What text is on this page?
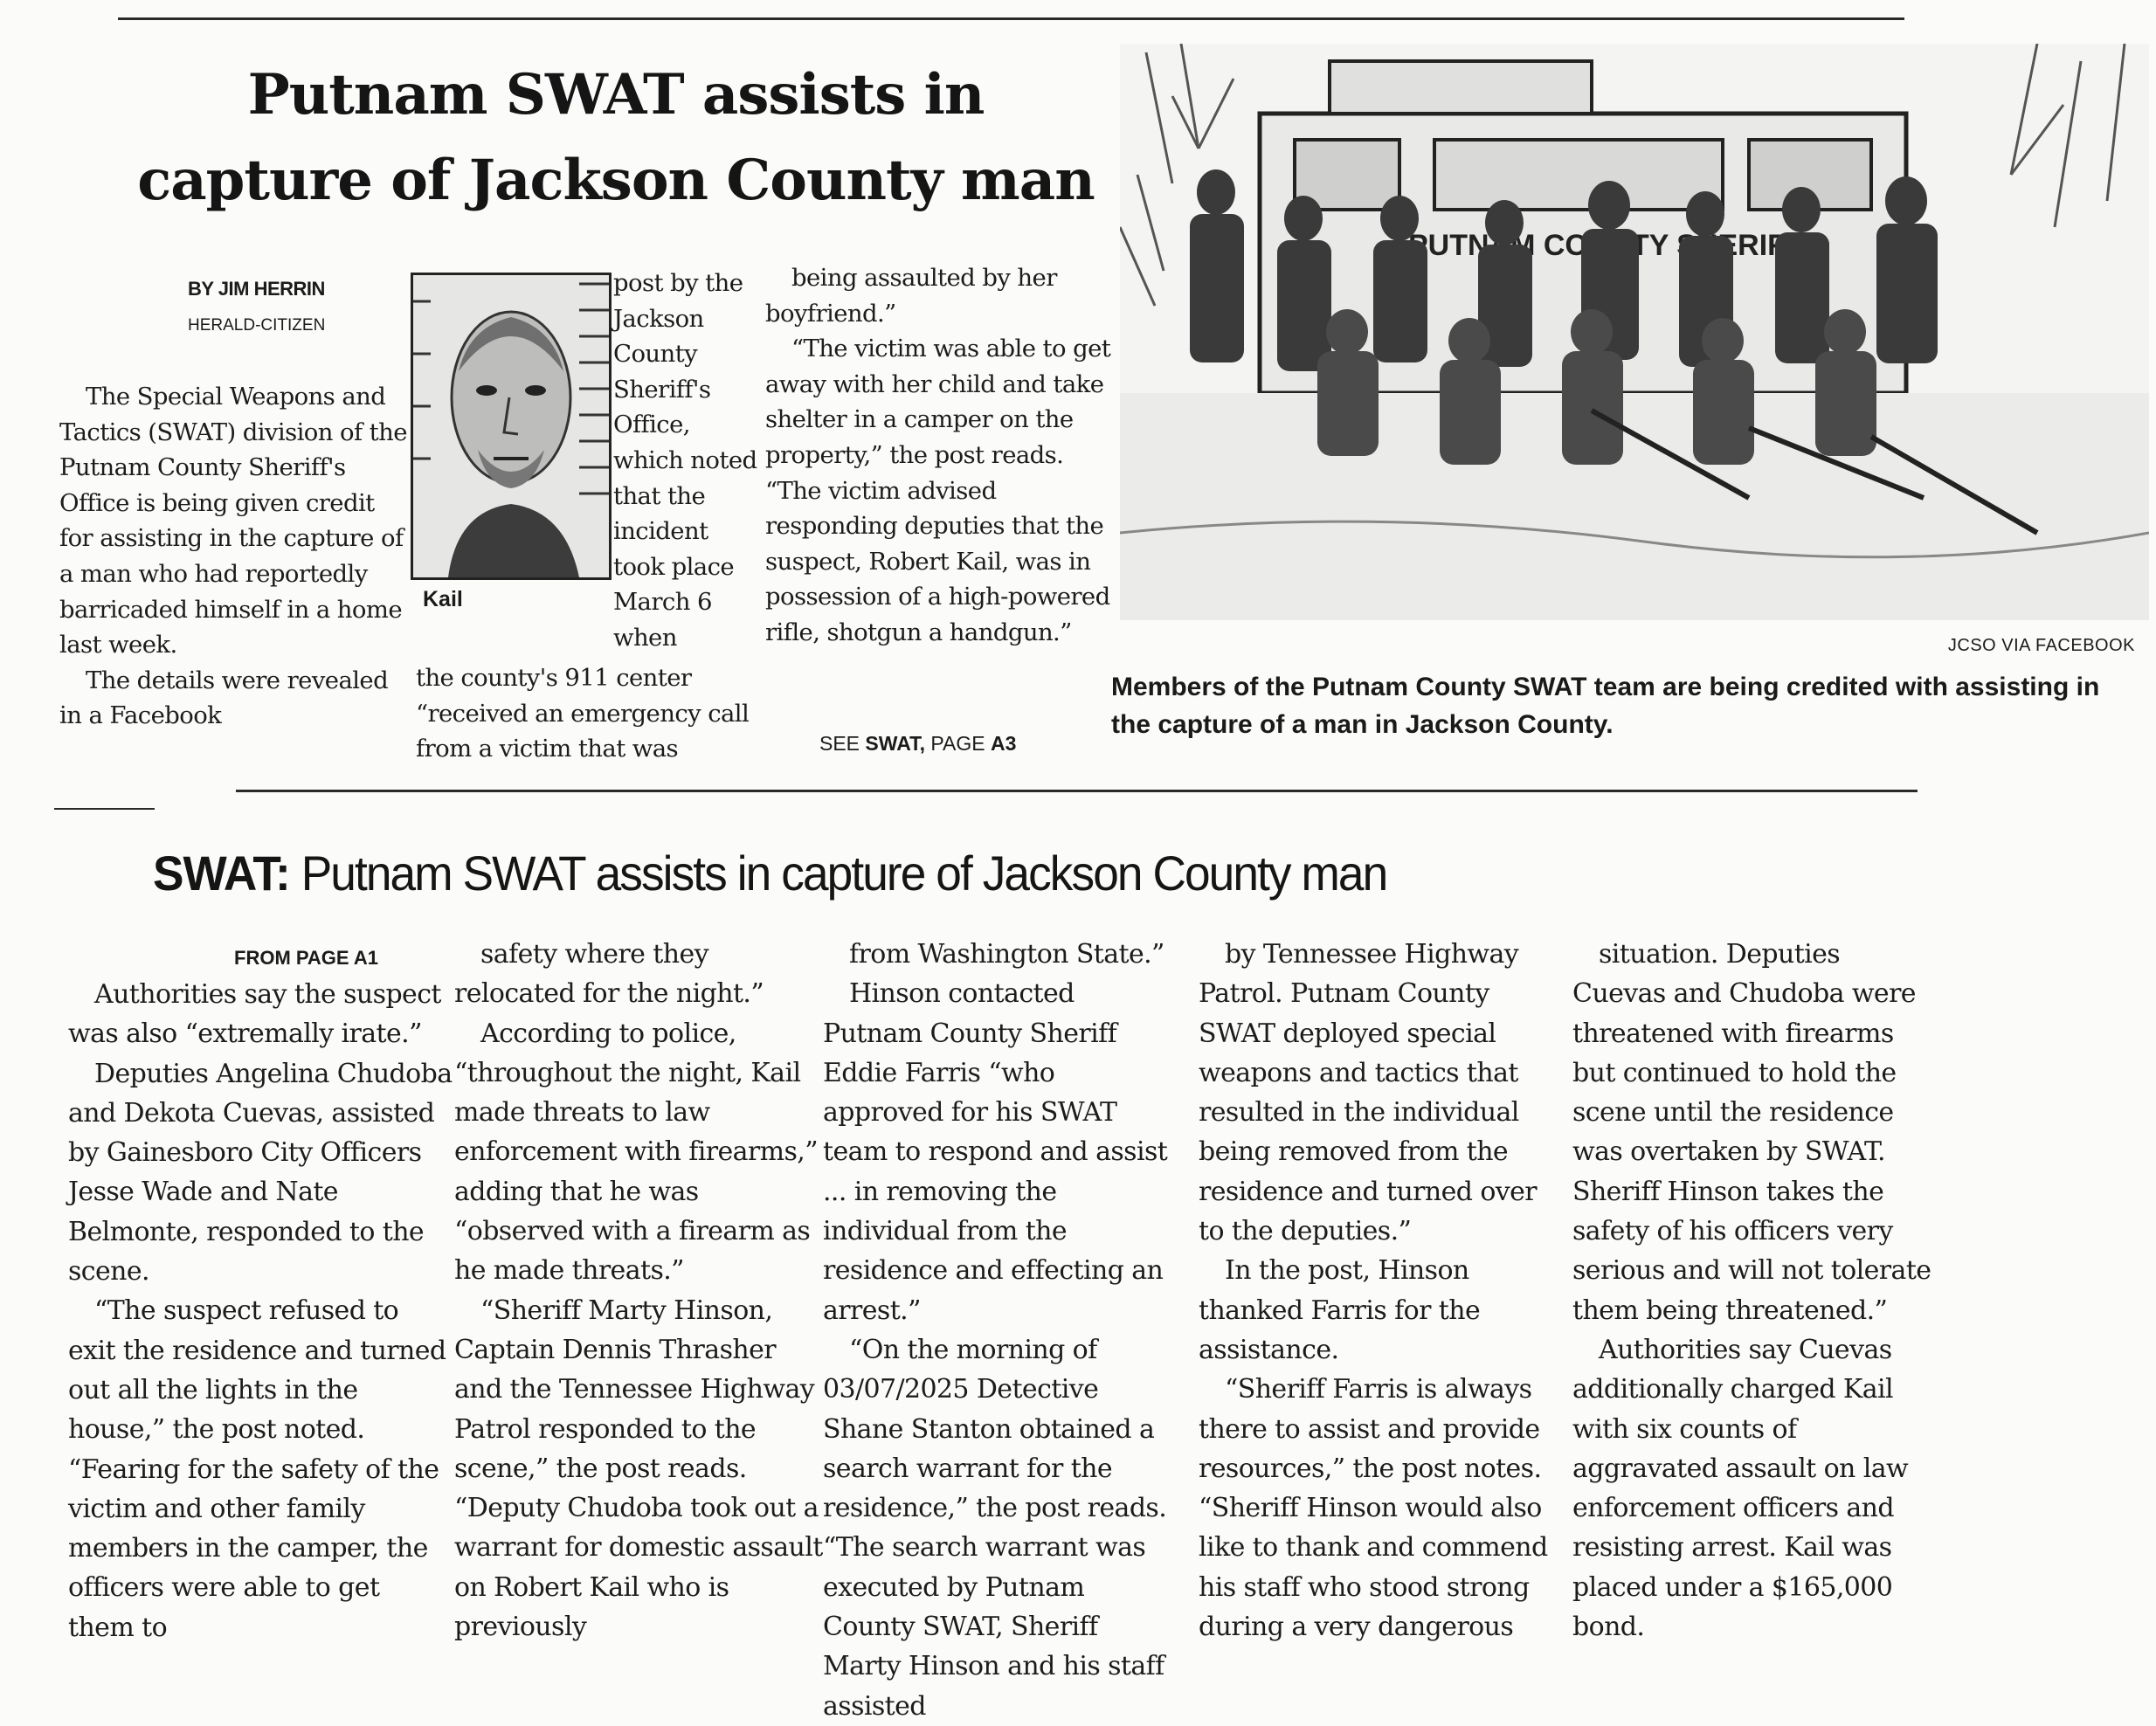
Putnam SWAT assists in
capture of Jackson County man
BY JIM HERRIN
HERALD-CITIZEN

The Special Weapons and Tactics (SWAT) division of the Putnam County Sheriff's Office is being given credit for assisting in the capture of a man who had reportedly barricaded himself in a home last week.

The details were revealed in a Facebook

Kail

post by the Jackson County Sheriff's Office, which noted that the incident took place March 6 when

the county's 911 center “received an emergency call from a victim that was

being assaulted by her boyfriend.”

“The victim was able to get away with her child and take shelter in a camper on the property,” the post reads. “The victim advised responding deputies that the suspect, Robert Kail, was in possession of a high-powered rifle, shotgun a handgun.”

SEE SWAT, PAGE A3
PUTNAM SHERIFF
JCSO VIA FACEBOOK
Members of the Putnam County SWAT team are being credited with assisting in the capture of a man in Jackson County.
SWAT: Putnam SWAT assists in capture of Jackson County man
FROM PAGE A1

Authorities say the suspect was also “extremally irate.”

Deputies Angelina Chudoba and Dekota Cuevas, assisted by Gainesboro City Officers Jesse Wade and Nate Belmonte, responded to the scene.

“The suspect refused to exit the residence and turned out all the lights in the house,” the post noted. “Fearing for the safety of the victim and other family members in the camper, the officers were able to get them to

safety where they relocated for the night.”

According to police, “throughout the night, Kail made threats to law enforcement with firearms,” adding that he was “observed with a firearm as he made threats.”

“Sheriff Marty Hinson, Captain Dennis Thrasher and the Tennessee Highway Patrol responded to the scene,” the post reads. “Deputy Chudoba took out a warrant for domestic assault on Robert Kail who is previously

from Washington State.”

Hinson contacted Putnam County Sheriff Eddie Farris “who approved for his SWAT team to respond and assist ... in removing the individual from the residence and effecting an arrest.”

“On the morning of 03/07/2025 Detective Shane Stanton obtained a search warrant for the residence,” the post reads. “The search warrant was executed by Putnam County SWAT, Sheriff Marty Hinson and his staff assisted

by Tennessee Highway Patrol. Putnam County SWAT deployed special weapons and tactics that resulted in the individual being removed from the residence and turned over to the deputies.”

In the post, Hinson thanked Farris for the assistance.

“Sheriff Farris is always there to assist and provide resources,” the post notes. “Sheriff Hinson would also like to thank and commend his staff who stood strong during a very dangerous

situation. Deputies Cuevas and Chudoba were threatened with firearms but continued to hold the scene until the residence was overtaken by SWAT. Sheriff Hinson takes the safety of his officers very serious and will not tolerate them being threatened.”

Authorities say Cuevas additionally charged Kail with six counts of aggravated assault on law enforcement officers and resisting arrest. Kail was placed under a $165,000 bond.
